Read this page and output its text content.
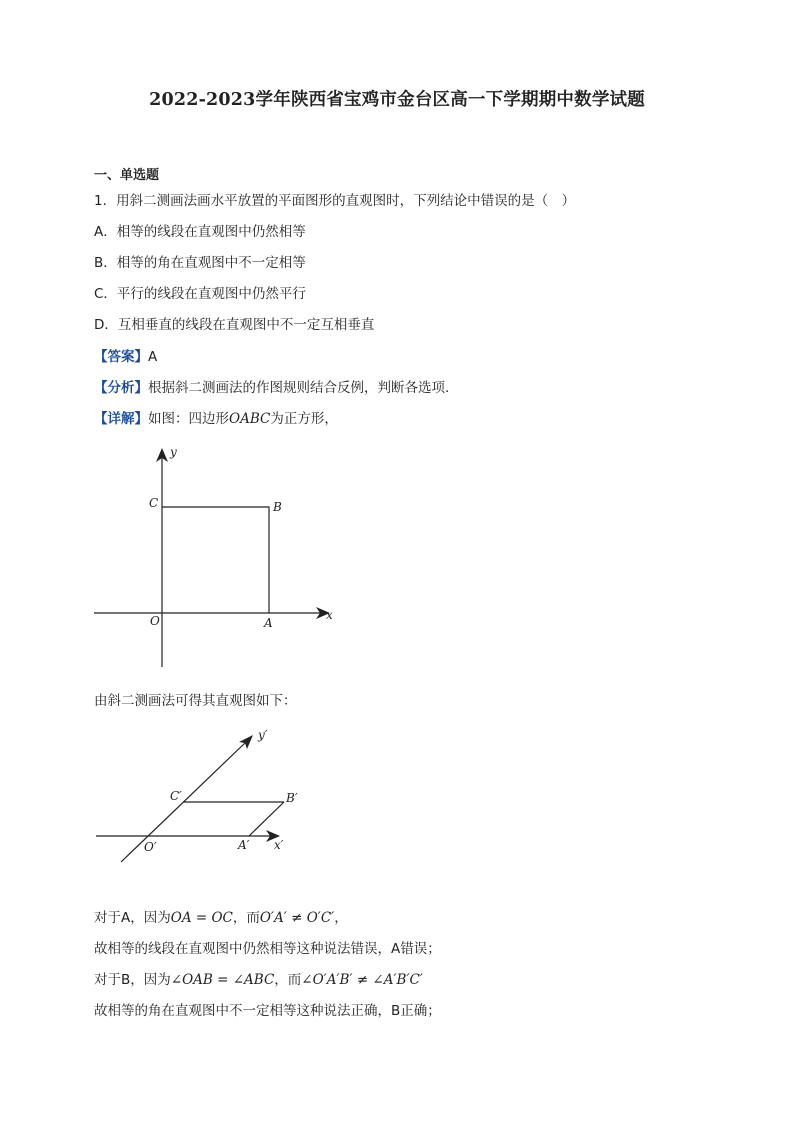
2022-2023学年陕西省宝鸡市金台区高一下学期期中数学试题
一、单选题
1．用斜二测画法画水平放置的平面图形的直观图时，下列结论中错误的是（　）
A．相等的线段在直观图中仍然相等
B．相等的角在直观图中不一定相等
C．平行的线段在直观图中仍然平行
D．互相垂直的线段在直观图中不一定互相垂直
【答案】A
【分析】根据斜二测画法的作图规则结合反例，判断各选项.
【详解】如图：四边形OABC为正方形，
y
x
C	B
O	A
由斜二测画法可得其直观图如下：
y′
x′
C′	B′
O′	A′
对于A，因为OA = OC，而O′A′ ≠ O′C′，
故相等的线段在直观图中仍然相等这种说法错误，A错误；
对于B，因为∠OAB = ∠ABC，而∠O′A′B′ ≠ ∠A′B′C′
故相等的角在直观图中不一定相等这种说法正确，B正确；
